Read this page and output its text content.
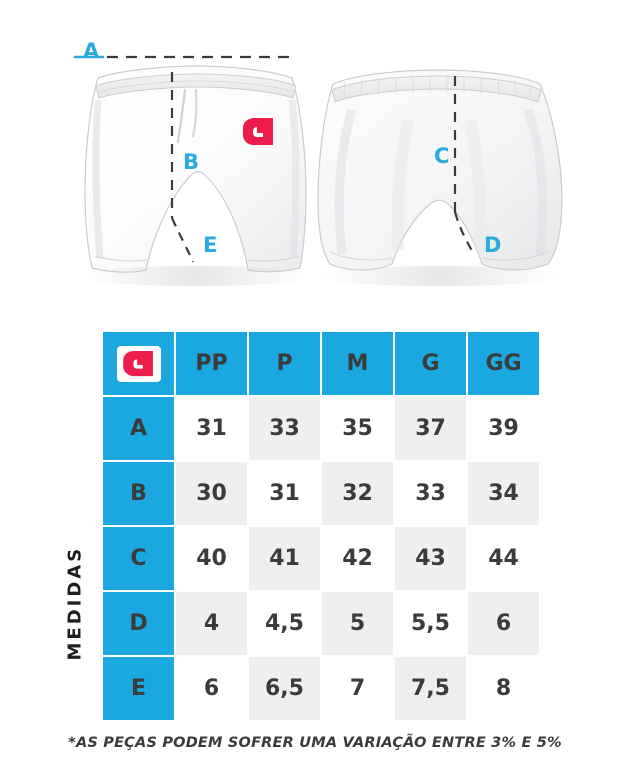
A
B
E
C
D
MEDIDAS
	PP	P	M	G	GG
A	31	33	35	37	39
B	30	31	32	33	34
C	40	41	42	43	44
D	4	4,5	5	5,5	6
E	6	6,5	7	7,5	8
*AS PEÇAS PODEM SOFRER UMA VARIAÇÃO ENTRE 3% E 5%
